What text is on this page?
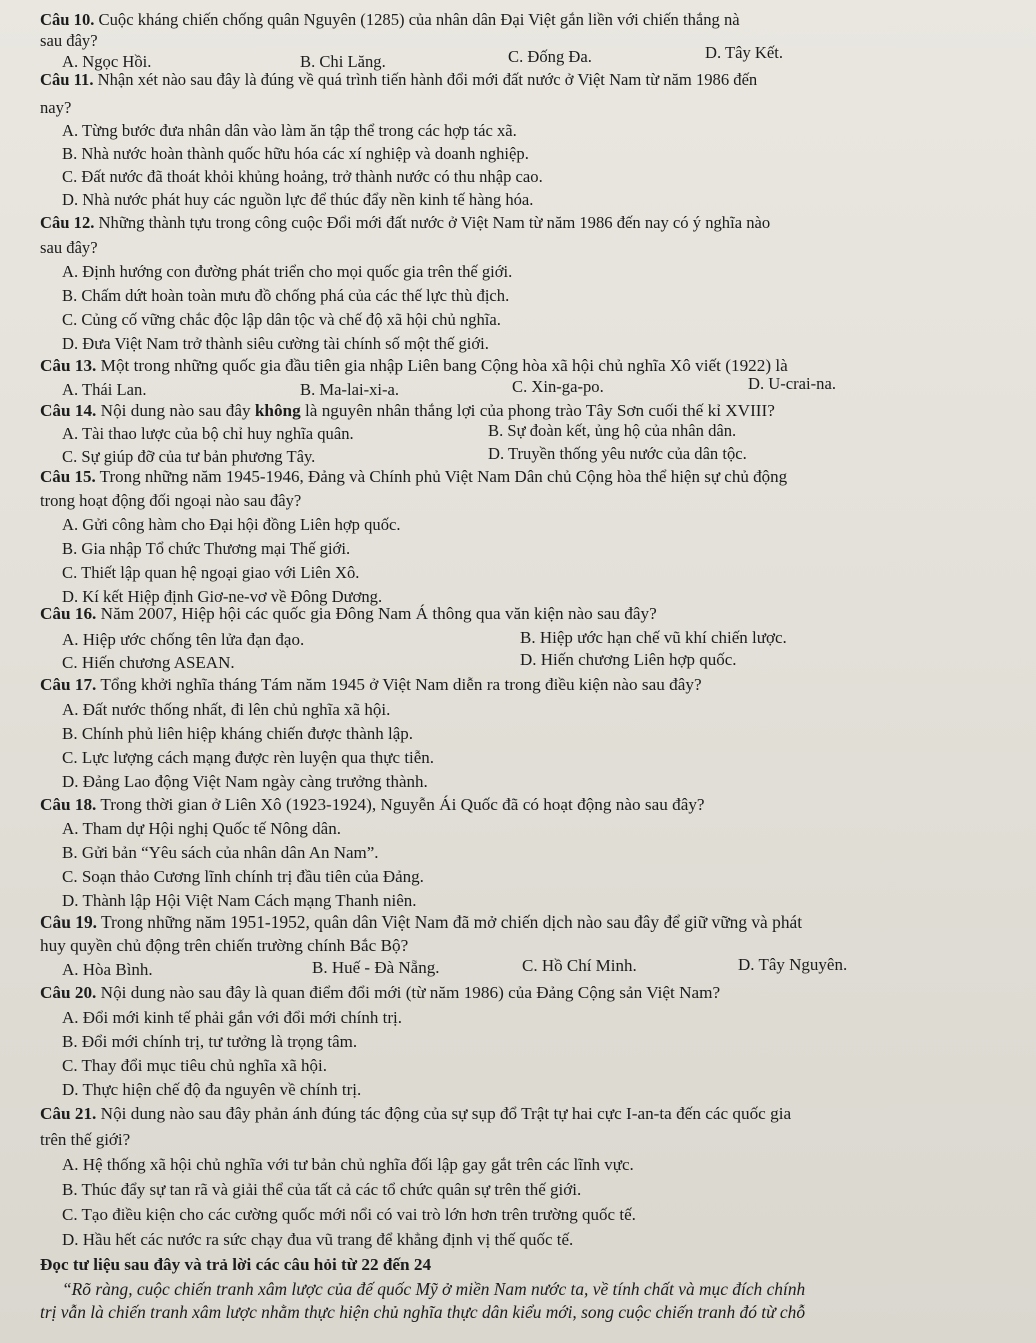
Câu 10. Cuộc kháng chiến chống quân Nguyên (1285) của nhân dân Đại Việt gắn liền với chiến thắng nà
sau đây?
A. Ngọc Hồi.	B. Chi Lăng.	C. Đống Đa.	D. Tây Kết.
Câu 11. Nhận xét nào sau đây là đúng về quá trình tiến hành đổi mới đất nước ở Việt Nam từ năm 1986 đến
nay?
A. Từng bước đưa nhân dân vào làm ăn tập thể trong các hợp tác xã.
B. Nhà nước hoàn thành quốc hữu hóa các xí nghiệp và doanh nghiệp.
C. Đất nước đã thoát khỏi khủng hoảng, trở thành nước có thu nhập cao.
D. Nhà nước phát huy các nguồn lực để thúc đẩy nền kinh tế hàng hóa.
Câu 12. Những thành tựu trong công cuộc Đổi mới đất nước ở Việt Nam từ năm 1986 đến nay có ý nghĩa nào
sau đây?
A. Định hướng con đường phát triển cho mọi quốc gia trên thế giới.
B. Chấm dứt hoàn toàn mưu đồ chống phá của các thế lực thù địch.
C. Củng cố vững chắc độc lập dân tộc và chế độ xã hội chủ nghĩa.
D. Đưa Việt Nam trở thành siêu cường tài chính số một thế giới.
Câu 13. Một trong những quốc gia đầu tiên gia nhập Liên bang Cộng hòa xã hội chủ nghĩa Xô viết (1922) là
A. Thái Lan.	B. Ma-lai-xi-a.	C. Xin-ga-po.	D. U-crai-na.
Câu 14. Nội dung nào sau đây không là nguyên nhân thắng lợi của phong trào Tây Sơn cuối thế kỉ XVIII?
A. Tài thao lược của bộ chỉ huy nghĩa quân.	B. Sự đoàn kết, ủng hộ của nhân dân.
C. Sự giúp đỡ của tư bản phương Tây.	D. Truyền thống yêu nước của dân tộc.
Câu 15. Trong những năm 1945-1946, Đảng và Chính phủ Việt Nam Dân chủ Cộng hòa thể hiện sự chủ động
trong hoạt động đối ngoại nào sau đây?
A. Gửi công hàm cho Đại hội đồng Liên hợp quốc.
B. Gia nhập Tổ chức Thương mại Thế giới.
C. Thiết lập quan hệ ngoại giao với Liên Xô.
D. Kí kết Hiệp định Giơ-ne-vơ về Đông Dương.
Câu 16. Năm 2007, Hiệp hội các quốc gia Đông Nam Á thông qua văn kiện nào sau đây?
A. Hiệp ước chống tên lửa đạn đạo.	B. Hiệp ước hạn chế vũ khí chiến lược.
C. Hiến chương ASEAN.	D. Hiến chương Liên hợp quốc.
Câu 17. Tổng khởi nghĩa tháng Tám năm 1945 ở Việt Nam diễn ra trong điều kiện nào sau đây?
A. Đất nước thống nhất, đi lên chủ nghĩa xã hội.
B. Chính phủ liên hiệp kháng chiến được thành lập.
C. Lực lượng cách mạng được rèn luyện qua thực tiễn.
D. Đảng Lao động Việt Nam ngày càng trưởng thành.
Câu 18. Trong thời gian ở Liên Xô (1923-1924), Nguyễn Ái Quốc đã có hoạt động nào sau đây?
A. Tham dự Hội nghị Quốc tế Nông dân.
B. Gửi bản “Yêu sách của nhân dân An Nam”.
C. Soạn thảo Cương lĩnh chính trị đầu tiên của Đảng.
D. Thành lập Hội Việt Nam Cách mạng Thanh niên.
Câu 19. Trong những năm 1951-1952, quân dân Việt Nam đã mở chiến dịch nào sau đây để giữ vững và phát
huy quyền chủ động trên chiến trường chính Bắc Bộ?
A. Hòa Bình.	B. Huế - Đà Nẵng.	C. Hồ Chí Minh.	D. Tây Nguyên.
Câu 20. Nội dung nào sau đây là quan điểm đổi mới (từ năm 1986) của Đảng Cộng sản Việt Nam?
A. Đổi mới kinh tế phải gắn với đổi mới chính trị.
B. Đổi mới chính trị, tư tưởng là trọng tâm.
C. Thay đổi mục tiêu chủ nghĩa xã hội.
D. Thực hiện chế độ đa nguyên về chính trị.
Câu 21. Nội dung nào sau đây phản ánh đúng tác động của sự sụp đổ Trật tự hai cực I-an-ta đến các quốc gia
trên thế giới?
A. Hệ thống xã hội chủ nghĩa với tư bản chủ nghĩa đối lập gay gắt trên các lĩnh vực.
B. Thúc đẩy sự tan rã và giải thể của tất cả các tổ chức quân sự trên thế giới.
C. Tạo điều kiện cho các cường quốc mới nổi có vai trò lớn hơn trên trường quốc tế.
D. Hầu hết các nước ra sức chạy đua vũ trang để khẳng định vị thế quốc tế.
Đọc tư liệu sau đây và trả lời các câu hỏi từ 22 đến 24
“Rõ ràng, cuộc chiến tranh xâm lược của đế quốc Mỹ ở miền Nam nước ta, về tính chất và mục đích chính
trị vẫn là chiến tranh xâm lược nhằm thực hiện chủ nghĩa thực dân kiểu mới, song cuộc chiến tranh đó từ chỗ
